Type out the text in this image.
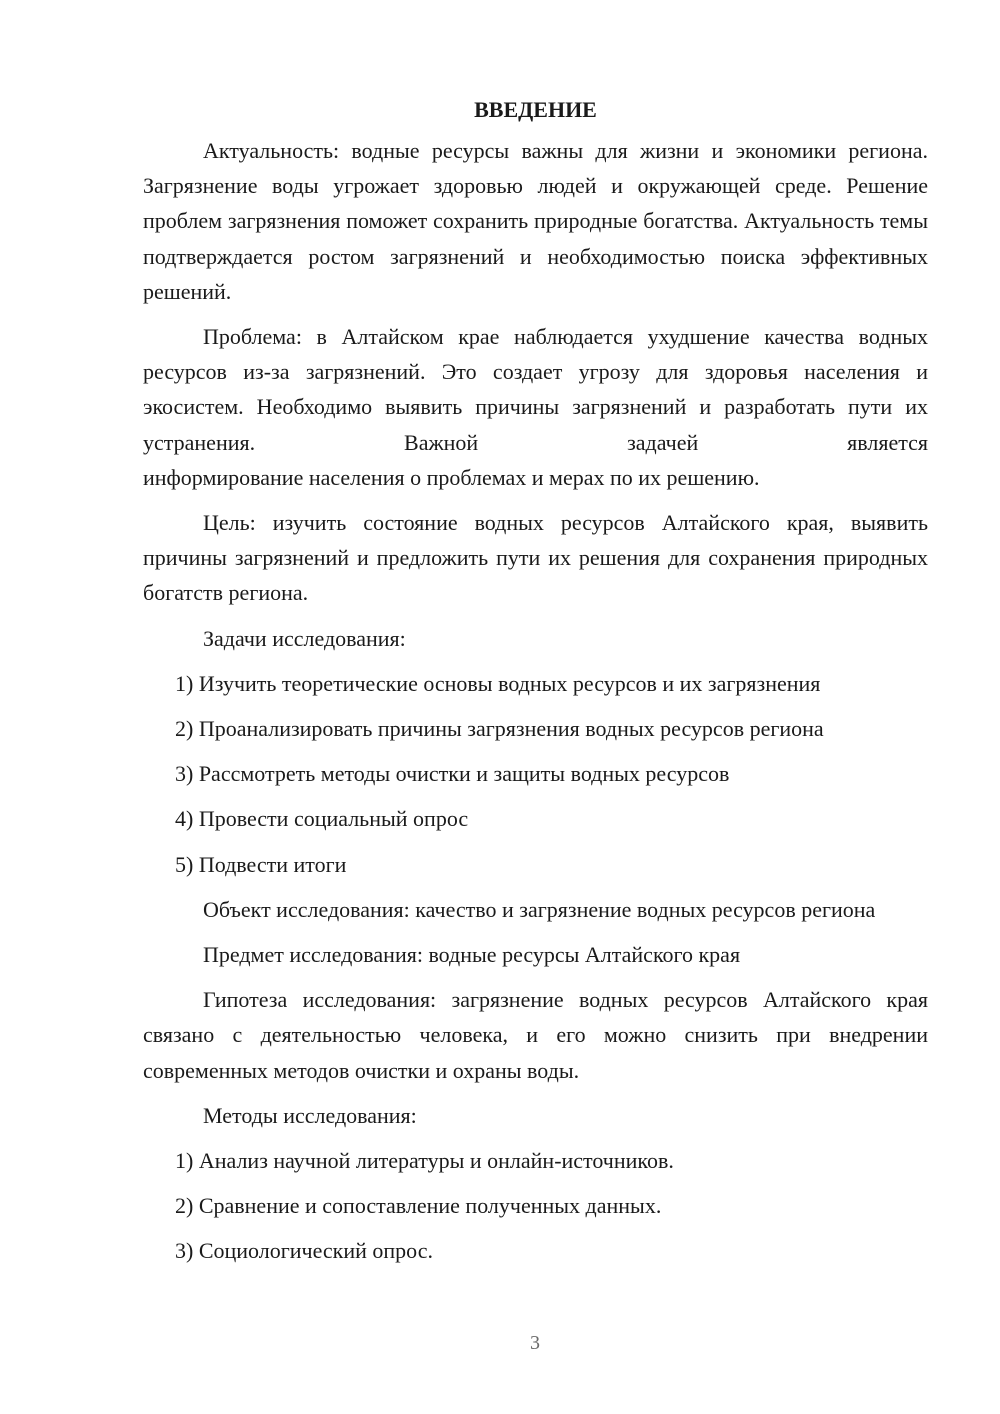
ВВЕДЕНИЕ

Актуальность: водные ресурсы важны для жизни и экономики региона. Загрязнение воды угрожает здоровью людей и окружающей среде. Решение проблем загрязнения поможет сохранить природные богатства. Актуальность темы подтверждается ростом загрязнений и необходимостью поиска эффективных решений.

Проблема: в Алтайском крае наблюдается ухудшение качества водных ресурсов из-за загрязнений. Это создает угрозу для здоровья населения и экосистем. Необходимо выявить причины загрязнений и разработать пути их устранения. Важной задачей является

информирование населения о проблемах и мерах по их решению.

Цель: изучить состояние водных ресурсов Алтайского края, выявить причины загрязнений и предложить пути их решения для сохранения природных богатств региона.

Задачи исследования:
1) Изучить теоретические основы водных ресурсов и их загрязнения
2) Проанализировать причины загрязнения водных ресурсов региона
3) Рассмотреть методы очистки и защиты водных ресурсов
4) Провести социальный опрос
5) Подвести итоги

Объект исследования: качество и загрязнение водных ресурсов региона

Предмет исследования: водные ресурсы Алтайского края

Гипотеза исследования: загрязнение водных ресурсов Алтайского края связано с деятельностью человека, и его можно снизить при внедрении современных методов очистки и охраны воды.

Методы исследования:
1) Анализ научной литературы и онлайн-источников.
2) Сравнение и сопоставление полученных данных.
3) Социологический опрос.
3
